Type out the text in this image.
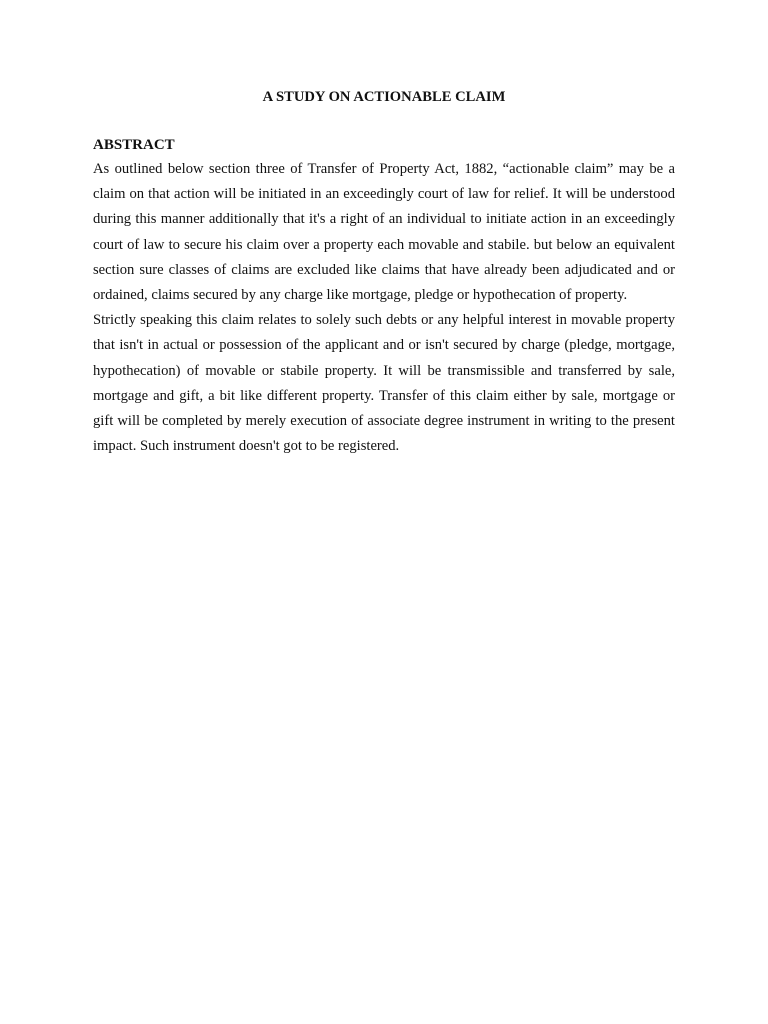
A STUDY ON ACTIONABLE CLAIM
ABSTRACT

As outlined below section three of Transfer of Property Act, 1882, “actionable claim” may be a claim on that action will be initiated in an exceedingly court of law for relief. It will be understood during this manner additionally that it's a right of an individual to initiate action in an exceedingly court of law to secure his claim over a property each movable and stabile. but below an equivalent section sure classes of claims are excluded like claims that have already been adjudicated and or ordained, claims secured by any charge like mortgage, pledge or hypothecation of property.

Strictly speaking this claim relates to solely such debts or any helpful interest in movable property that isn't in actual or possession of the applicant and or isn't secured by charge (pledge, mortgage, hypothecation) of movable or stabile property. It will be transmissible and transferred by sale, mortgage and gift, a bit like different property. Transfer of this claim either by sale, mortgage or gift will be completed by merely execution of associate degree instrument in writing to the present impact. Such instrument doesn't got to be registered.
